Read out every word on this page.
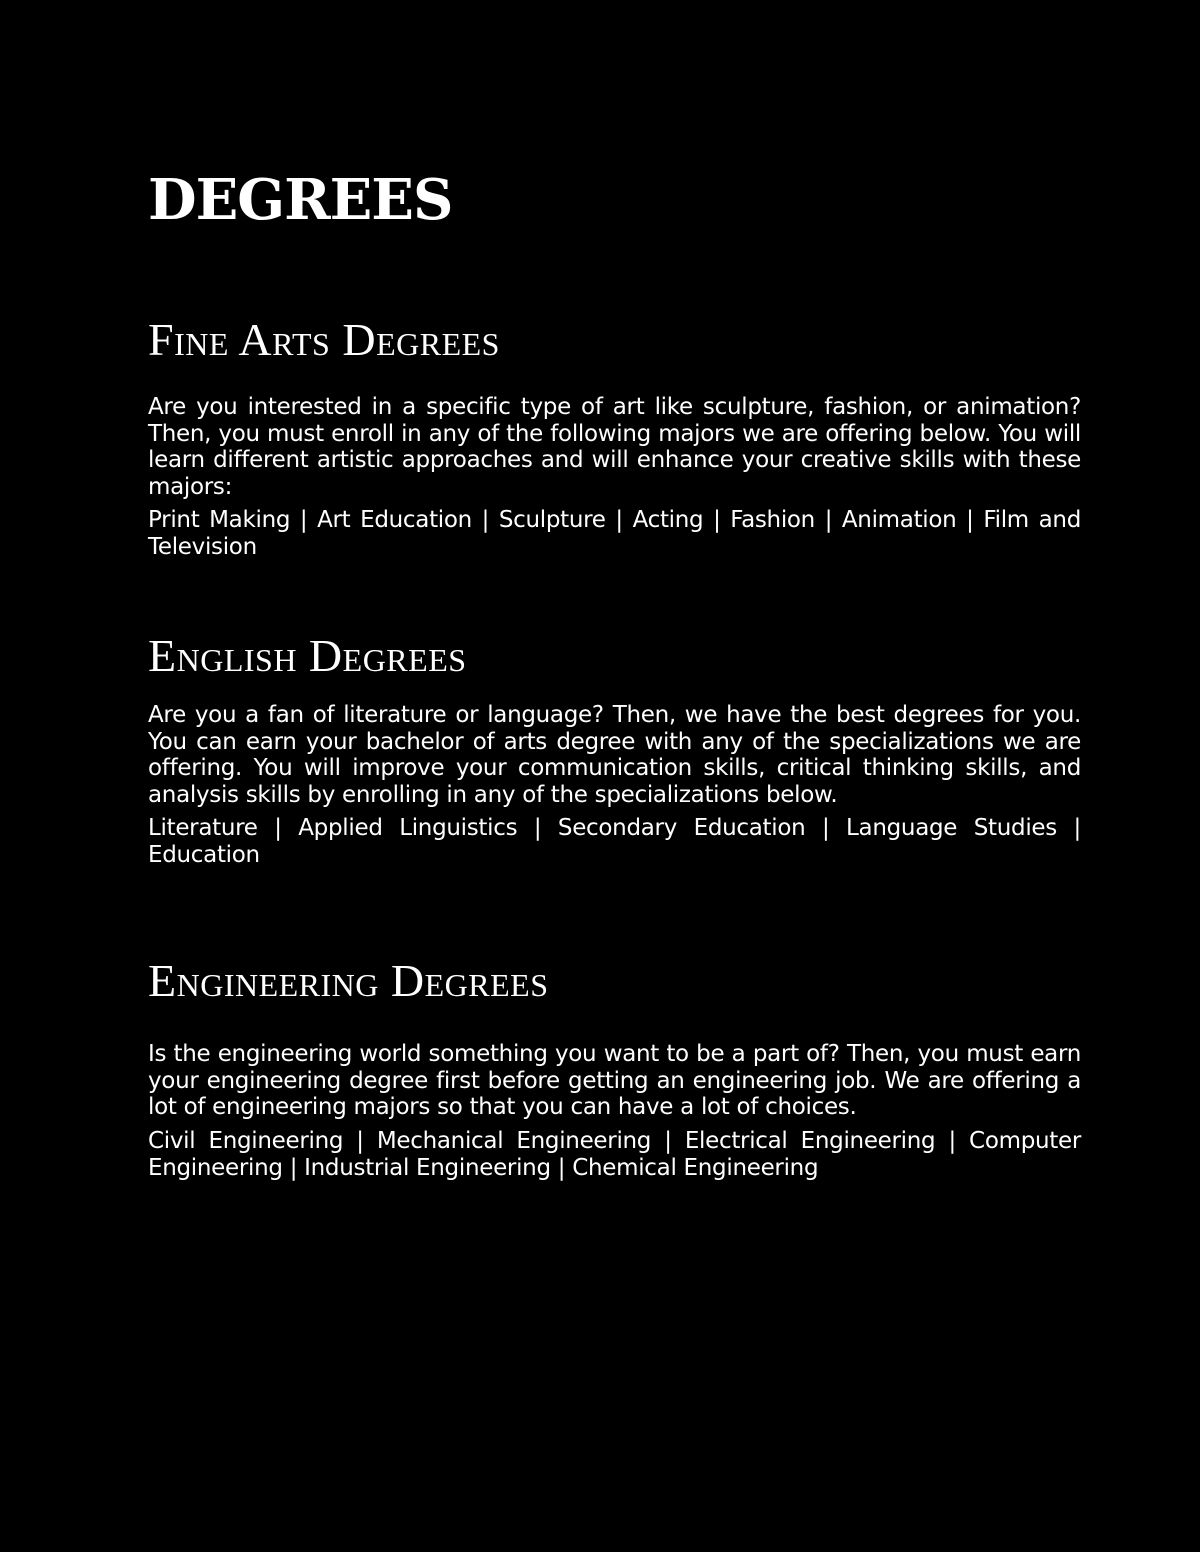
DEGREES
Fine Arts Degrees

Are you interested in a specific type of art like sculpture, fashion, or animation? Then, you must enroll in any of the following majors we are offering below. You will learn different artistic approaches and will enhance your creative skills with these majors:

Print Making | Art Education | Sculpture | Acting | Fashion | Animation | Film and Television

English Degrees

Are you a fan of literature or language? Then, we have the best degrees for you. You can earn your bachelor of arts degree with any of the specializations we are offering. You will improve your communication skills, critical thinking skills, and analysis skills by enrolling in any of the specializations below.

Literature | Applied Linguistics | Secondary Education | Language Studies | Education

Engineering Degrees

Is the engineering world something you want to be a part of? Then, you must earn your engineering degree first before getting an engineering job. We are offering a lot of engineering majors so that you can have a lot of choices.

Civil Engineering | Mechanical Engineering | Electrical Engineering | Computer Engineering | Industrial Engineering | Chemical Engineering
